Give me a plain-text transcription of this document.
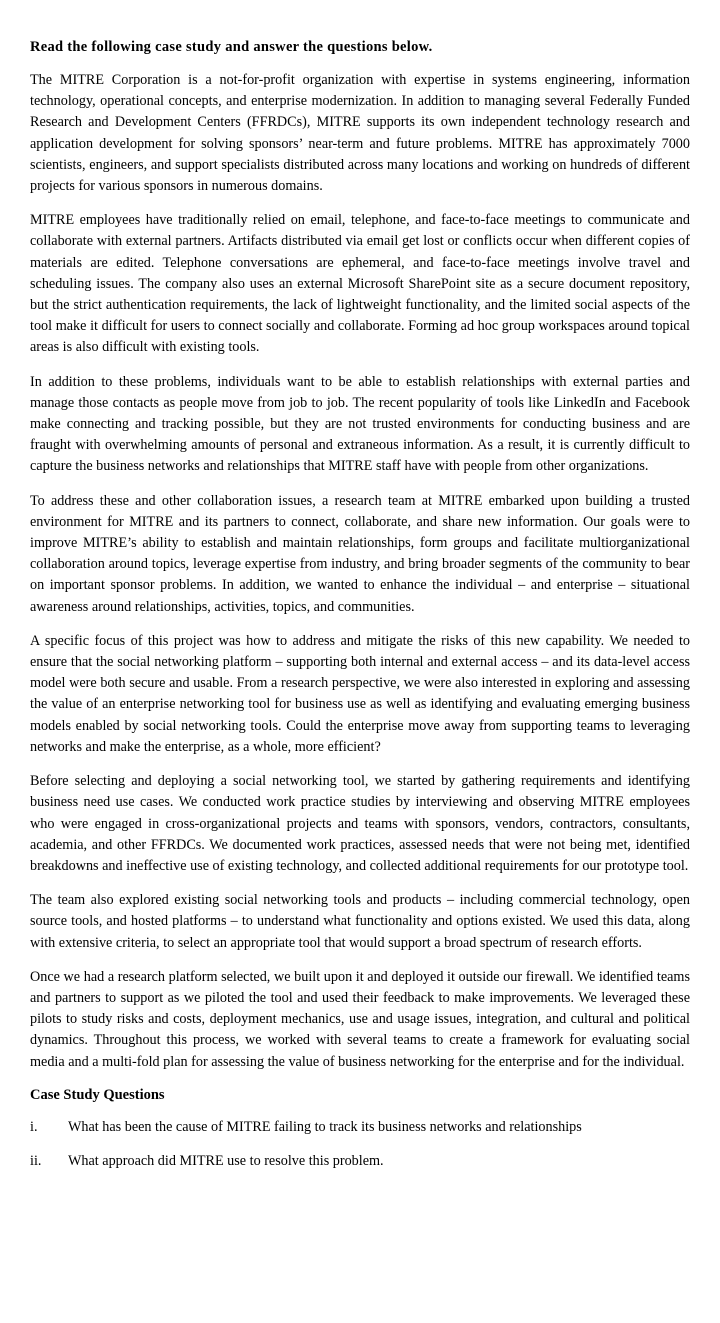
Read the following case study and answer the questions below.

The MITRE Corporation is a not-for-profit organization with expertise in systems engineering, information technology, operational concepts, and enterprise modernization. In addition to managing several Federally Funded Research and Development Centers (FFRDCs), MITRE supports its own independent technology research and application development for solving sponsors’ near-term and future problems. MITRE has approximately 7000 scientists, engineers, and support specialists distributed across many locations and working on hundreds of different projects for various sponsors in numerous domains.

MITRE employees have traditionally relied on email, telephone, and face-to-face meetings to communicate and collaborate with external partners. Artifacts distributed via email get lost or conflicts occur when different copies of materials are edited. Telephone conversations are ephemeral, and face-to-face meetings involve travel and scheduling issues. The company also uses an external Microsoft SharePoint site as a secure document repository, but the strict authentication requirements, the lack of lightweight functionality, and the limited social aspects of the tool make it difficult for users to connect socially and collaborate. Forming ad hoc group workspaces around topical areas is also difficult with existing tools.

In addition to these problems, individuals want to be able to establish relationships with external parties and manage those contacts as people move from job to job. The recent popularity of tools like LinkedIn and Facebook make connecting and tracking possible, but they are not trusted environments for conducting business and are fraught with overwhelming amounts of personal and extraneous information. As a result, it is currently difficult to capture the business networks and relationships that MITRE staff have with people from other organizations.

To address these and other collaboration issues, a research team at MITRE embarked upon building a trusted environment for MITRE and its partners to connect, collaborate, and share new information. Our goals were to improve MITRE’s ability to establish and maintain relationships, form groups and facilitate multiorganizational collaboration around topics, leverage expertise from industry, and bring broader segments of the community to bear on important sponsor problems. In addition, we wanted to enhance the individual – and enterprise – situational awareness around relationships, activities, topics, and communities.

A specific focus of this project was how to address and mitigate the risks of this new capability. We needed to ensure that the social networking platform – supporting both internal and external access – and its data-level access model were both secure and usable. From a research perspective, we were also interested in exploring and assessing the value of an enterprise networking tool for business use as well as identifying and evaluating emerging business models enabled by social networking tools. Could the enterprise move away from supporting teams to leveraging networks and make the enterprise, as a whole, more efficient?

Before selecting and deploying a social networking tool, we started by gathering requirements and identifying business need use cases. We conducted work practice studies by interviewing and observing MITRE employees who were engaged in cross-organizational projects and teams with sponsors, vendors, contractors, consultants, academia, and other FFRDCs. We documented work practices, assessed needs that were not being met, identified breakdowns and ineffective use of existing technology, and collected additional requirements for our prototype tool.

The team also explored existing social networking tools and products – including commercial technology, open source tools, and hosted platforms – to understand what functionality and options existed. We used this data, along with extensive criteria, to select an appropriate tool that would support a broad spectrum of research efforts.

Once we had a research platform selected, we built upon it and deployed it outside our firewall. We identified teams and partners to support as we piloted the tool and used their feedback to make improvements. We leveraged these pilots to study risks and costs, deployment mechanics, use and usage issues, integration, and cultural and political dynamics. Throughout this process, we worked with several teams to create a framework for evaluating social media and a multi-fold plan for assessing the value of business networking for the enterprise and for the individual.

Case Study Questions
i.	What has been the cause of MITRE failing to track its business networks and relationships
ii.	What approach did MITRE use to resolve this problem.
